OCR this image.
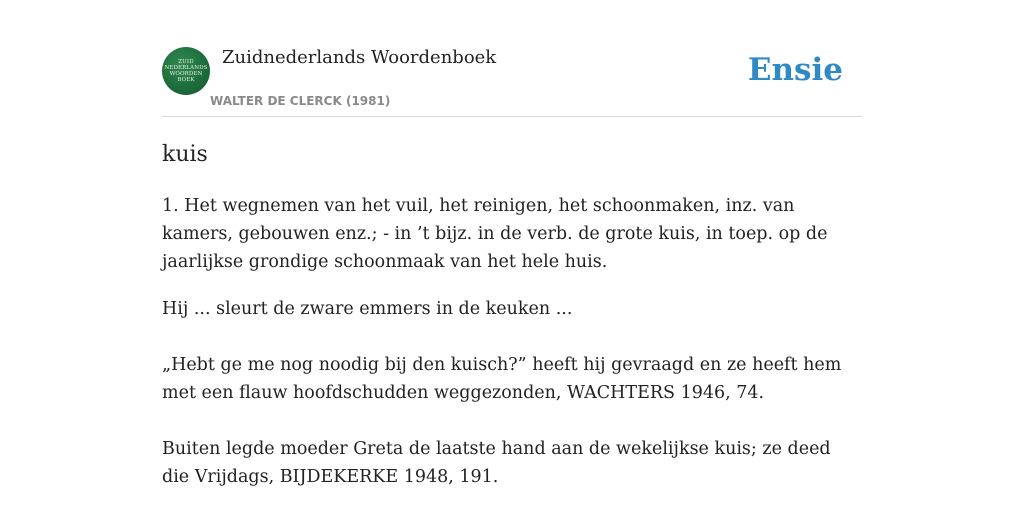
ZUID
NEDERLANDS
WOORDEN
BOEK
Zuidnederlands Woordenboek
WALTER DE CLERCK (1981)
Ensie
kuis

1. Het wegnemen van het vuil, het reinigen, het schoonmaken, inz. van kamers, gebouwen enz.; - in ’t bijz. in de verb. de grote kuis, in toep. op de jaarlijkse grondige schoonmaak van het hele huis.

Hij ... sleurt de zware emmers in de keuken ...

„Hebt ge me nog noodig bij den kuisch?” heeft hij gevraagd en ze heeft hem met een flauw hoofdschudden weggezonden, WACHTERS 1946, 74.

Buiten legde moeder Greta de laatste hand aan de wekelijkse kuis; ze deed die Vrijdags, BIJDEKERKE 1948, 191.
